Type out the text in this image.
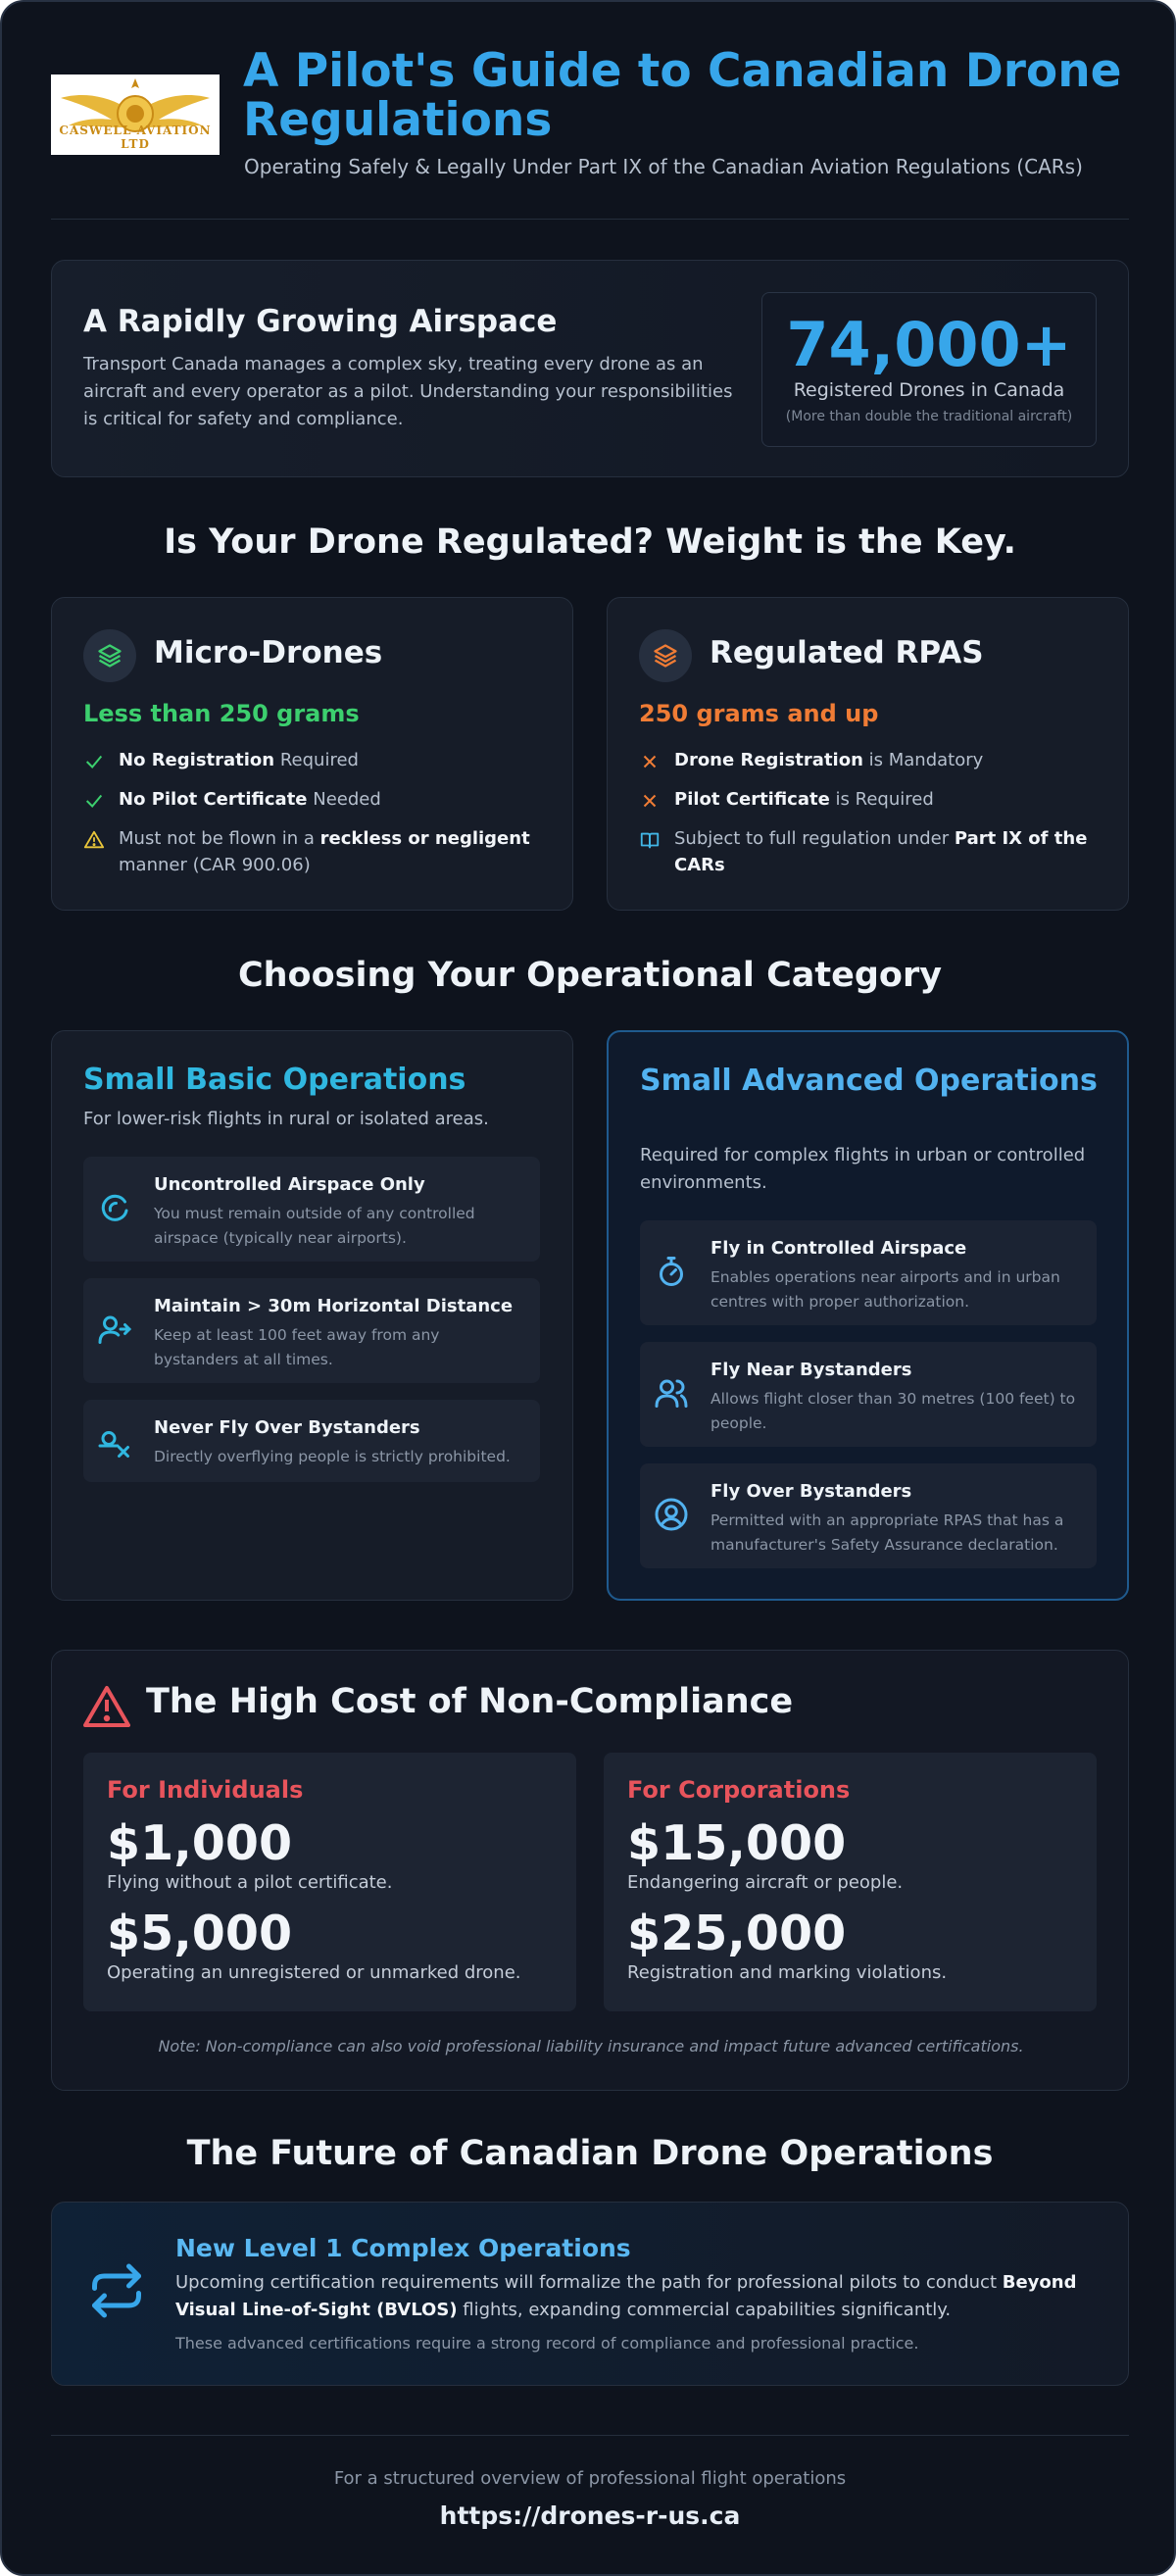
CASWELL AVIATION LTD
A Pilot's Guide to Canadian Drone Regulations
Operating Safely & Legally Under Part IX of the Canadian Aviation Regulations (CARs)
A Rapidly Growing Airspace
Transport Canada manages a complex sky, treating every drone as an aircraft and every operator as a pilot. Understanding your responsibilities is critical for safety and compliance.
74,000+
Registered Drones in Canada
(More than double the traditional aircraft)
Is Your Drone Regulated? Weight is the Key.
Micro-Drones
Less than 250 grams
No Registration Required
No Pilot Certificate Needed
Must not be flown in a reckless or negligent manner (CAR 900.06)
Regulated RPAS
250 grams and up
Drone Registration is Mandatory
Pilot Certificate is Required
Subject to full regulation under Part IX of the CARs
Choosing Your Operational Category
Small Basic Operations
For lower-risk flights in rural or isolated areas.
Uncontrolled Airspace Only
You must remain outside of any controlled airspace (typically near airports).
Maintain > 30m Horizontal Distance
Keep at least 100 feet away from any bystanders at all times.
Never Fly Over Bystanders
Directly overflying people is strictly prohibited.
Small Advanced Operations
Required for complex flights in urban or controlled environments.
Fly in Controlled Airspace
Enables operations near airports and in urban centres with proper authorization.
Fly Near Bystanders
Allows flight closer than 30 metres (100 feet) to people.
Fly Over Bystanders
Permitted with an appropriate RPAS that has a manufacturer's Safety Assurance declaration.
The High Cost of Non-Compliance
For Individuals
$1,000
Flying without a pilot certificate.
$5,000
Operating an unregistered or unmarked drone.
For Corporations
$15,000
Endangering aircraft or people.
$25,000
Registration and marking violations.
Note: Non-compliance can also void professional liability insurance and impact future advanced certifications.
The Future of Canadian Drone Operations
New Level 1 Complex Operations
Upcoming certification requirements will formalize the path for professional pilots to conduct Beyond Visual Line-of-Sight (BVLOS) flights, expanding commercial capabilities significantly.
These advanced certifications require a strong record of compliance and professional practice.
For a structured overview of professional flight operations
https://drones-r-us.ca
